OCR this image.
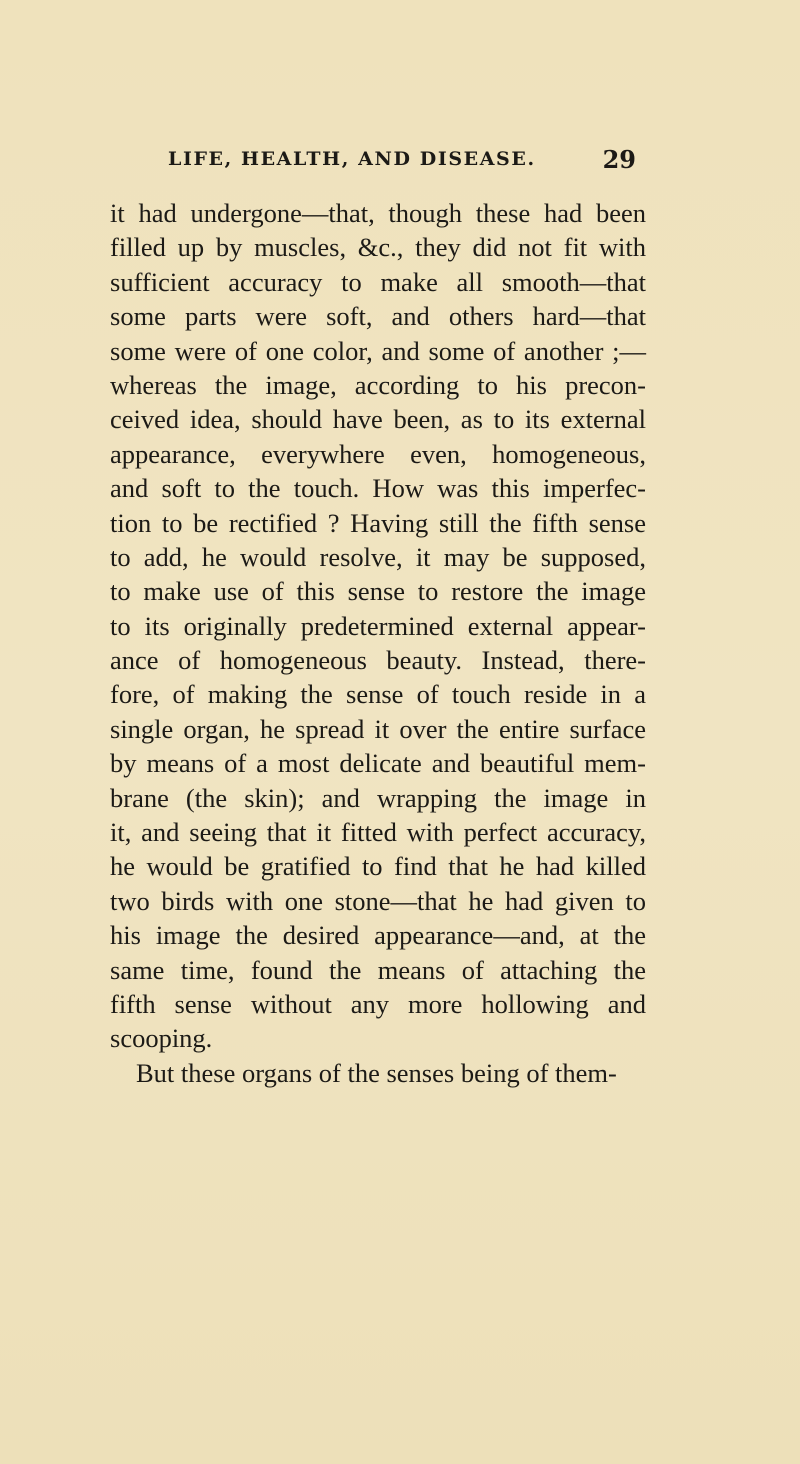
LIFE, HEALTH, AND DISEASE.	29
it had undergone—that, though these had been
filled up by muscles, &c., they did not fit with
sufficient accuracy to make all smooth—that
some parts were soft, and others hard—that
some were of one color, and some of another ;—
whereas the image, according to his precon-
ceived idea, should have been, as to its external
appearance, everywhere even, homogeneous,
and soft to the touch. How was this imperfec-
tion to be rectified ? Having still the fifth sense
to add, he would resolve, it may be supposed,
to make use of this sense to restore the image
to its originally predetermined external appear-
ance of homogeneous beauty. Instead, there-
fore, of making the sense of touch reside in a
single organ, he spread it over the entire surface
by means of a most delicate and beautiful mem-
brane (the skin); and wrapping the image in
it, and seeing that it fitted with perfect accuracy,
he would be gratified to find that he had killed
two birds with one stone—that he had given to
his image the desired appearance—and, at the
same time, found the means of attaching the
fifth sense without any more hollowing and
scooping.
But these organs of the senses being of them-
